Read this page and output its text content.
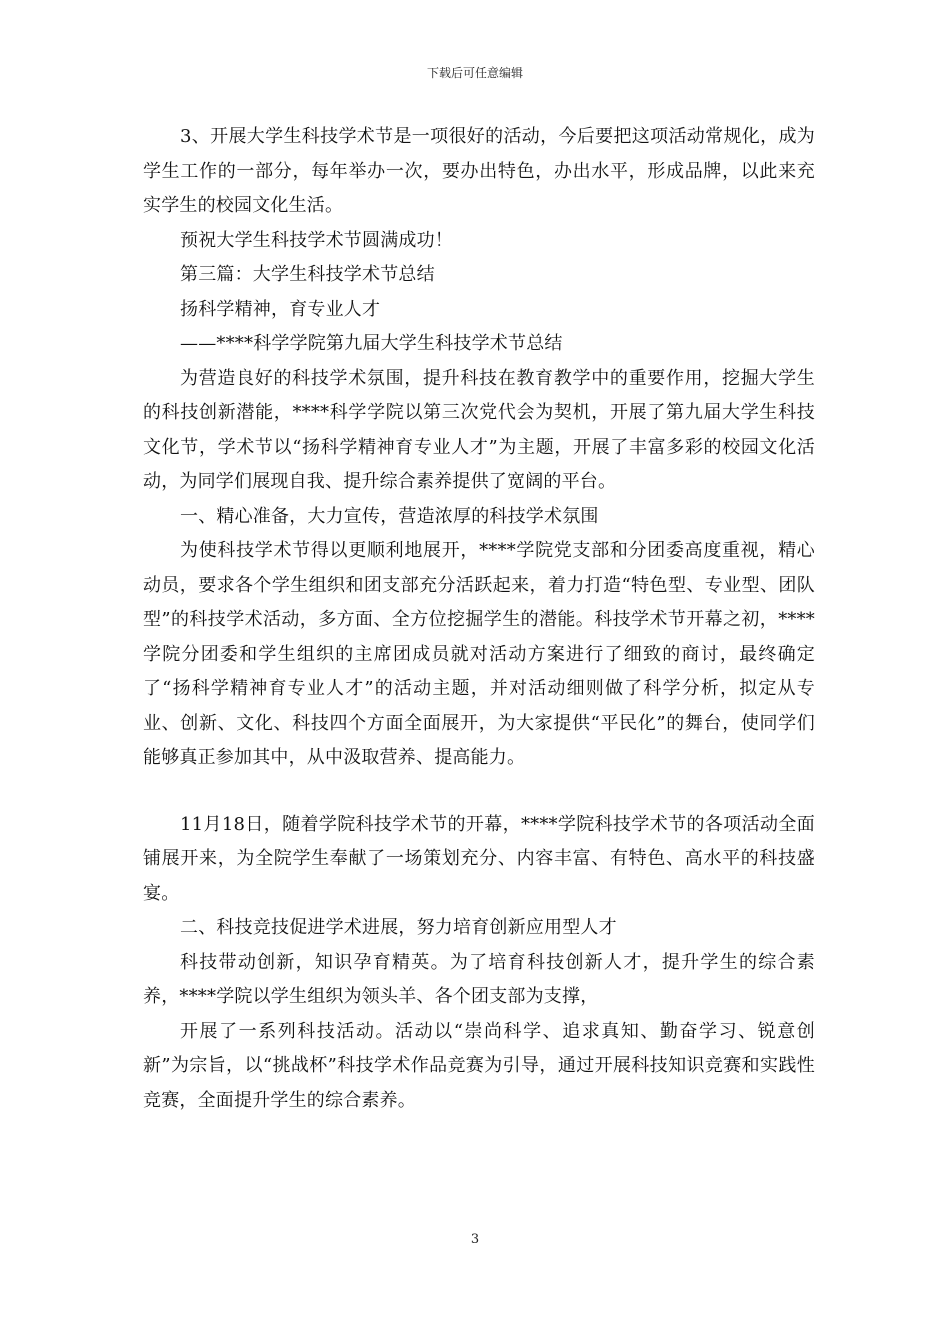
下载后可任意编辑

3、开展大学生科技学术节是一项很好的活动，今后要把这项活动常规化，成为学生工作的一部分，每年举办一次，要办出特色，办出水平，形成品牌，以此来充实学生的校园文化生活。

预祝大学生科技学术节圆满成功！

第三篇：大学生科技学术节总结

扬科学精神，育专业人才

——****科学学院第九届大学生科技学术节总结

为营造良好的科技学术氛围，提升科技在教育教学中的重要作用，挖掘大学生的科技创新潜能，****科学学院以第三次党代会为契机，开展了第九届大学生科技文化节，学术节以“扬科学精神育专业人才”为主题，开展了丰富多彩的校园文化活动，为同学们展现自我、提升综合素养提供了宽阔的平台。

一、精心准备，大力宣传，营造浓厚的科技学术氛围

为使科技学术节得以更顺利地展开，****学院党支部和分团委高度重视，精心动员，要求各个学生组织和团支部充分活跃起来，着力打造“特色型、专业型、团队型”的科技学术活动，多方面、全方位挖掘学生的潜能。科技学术节开幕之初，****学院分团委和学生组织的主席团成员就对活动方案进行了细致的商讨，最终确定了“扬科学精神育专业人才”的活动主题，并对活动细则做了科学分析，拟定从专业、创新、文化、科技四个方面全面展开，为大家提供“平民化”的舞台，使同学们能够真正参加其中，从中汲取营养、提高能力。

11月18日，随着学院科技学术节的开幕，****学院科技学术节的各项活动全面铺展开来，为全院学生奉献了一场策划充分、内容丰富、有特色、高水平的科技盛宴。

二、科技竞技促进学术进展，努力培育创新应用型人才

科技带动创新，知识孕育精英。为了培育科技创新人才，提升学生的综合素养，****学院以学生组织为领头羊、各个团支部为支撑，

开展了一系列科技活动。活动以“崇尚科学、追求真知、勤奋学习、锐意创新”为宗旨，以“挑战杯”科技学术作品竞赛为引导，通过开展科技知识竞赛和实践性竞赛，全面提升学生的综合素养。

3
